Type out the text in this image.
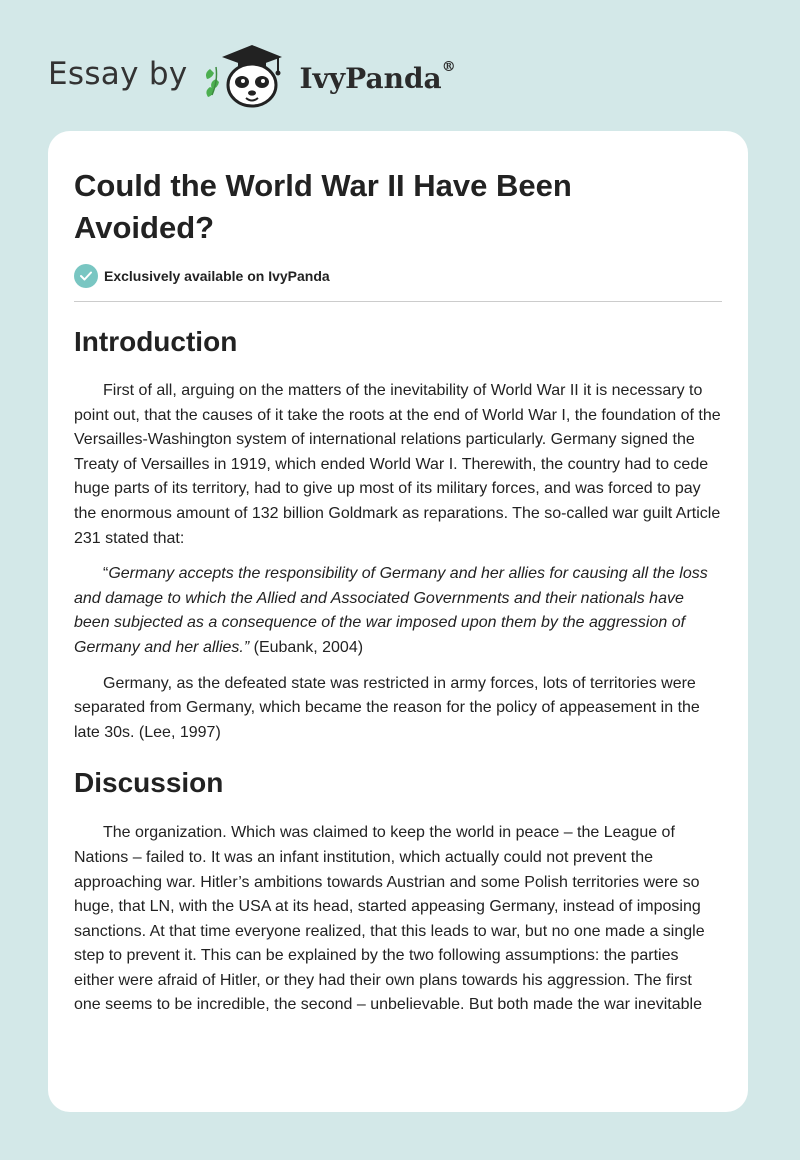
Essay by	IvyPanda®
Could the World War II Have Been Avoided?
Exclusively available on IvyPanda
Introduction

First of all, arguing on the matters of the inevitability of World War II it is necessary to point out, that the causes of it take the roots at the end of World War I, the foundation of the Versailles-Washington system of international relations particularly. Germany signed the Treaty of Versailles in 1919, which ended World War I. Therewith, the country had to cede huge parts of its territory, had to give up most of its military forces, and was forced to pay the enormous amount of 132 billion Goldmark as reparations. The so-called war guilt Article 231 stated that:

“Germany accepts the responsibility of Germany and her allies for causing all the loss and damage to which the Allied and Associated Governments and their nationals have been subjected as a consequence of the war imposed upon them by the aggression of Germany and her allies.” (Eubank, 2004)

Germany, as the defeated state was restricted in army forces, lots of territories were separated from Germany, which became the reason for the policy of appeasement in the late 30s. (Lee, 1997)

Discussion

The organization. Which was claimed to keep the world in peace – the League of Nations – failed to. It was an infant institution, which actually could not prevent the approaching war. Hitler’s ambitions towards Austrian and some Polish territories were so huge, that LN, with the USA at its head, started appeasing Germany, instead of imposing sanctions. At that time everyone realized, that this leads to war, but no one made a single step to prevent it. This can be explained by the two following assumptions: the parties either were afraid of Hitler, or they had their own plans towards his aggression. The first one seems to be incredible, the second – unbelievable. But both made the war inevitable
